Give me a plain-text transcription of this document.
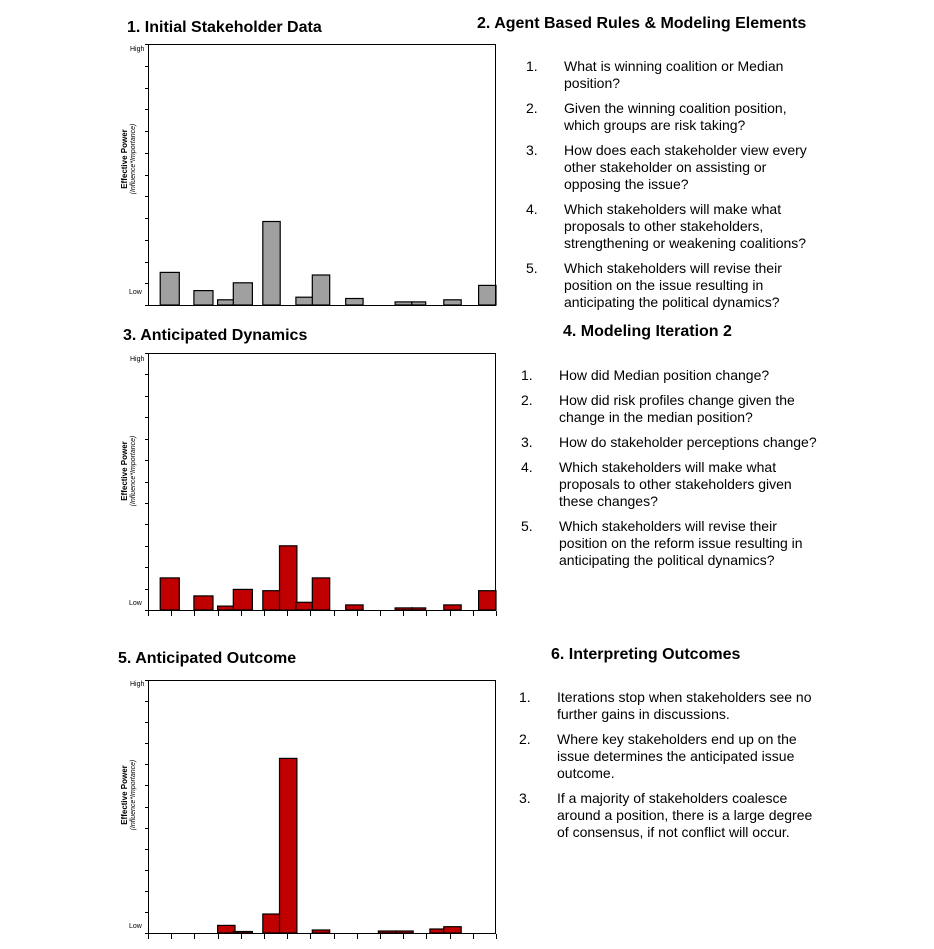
1. Initial Stakeholder Data	2. Agent Based Rules & Modeling Elements
3. Anticipated Dynamics	4. Modeling Iteration 2
5. Anticipated Outcome	6. Interpreting Outcomes
High
Low
Effective Power (Influence*Importance)
High
Low
Effective Power (Influence*Importance)
High
Low
Effective Power (Influence*Importance)
1. What is winning coalition or Median position?
2. Given the winning coalition position, which groups are risk taking?
3. How does each stakeholder view every other stakeholder on assisting or opposing the issue?
4. Which stakeholders will make what proposals to other stakeholders, strengthening or weakening coalitions?
5. Which stakeholders will revise their position on the issue resulting in anticipating the political dynamics?
1. How did Median position change?
2. How did risk profiles change given the change in the median position?
3. How do stakeholder perceptions change?
4. Which stakeholders will make what proposals to other stakeholders given these changes?
5. Which stakeholders will revise their position on the reform issue resulting in anticipating the political dynamics?
1. Iterations stop when stakeholders see no further gains in discussions.
2. Where key stakeholders end up on the issue determines the anticipated issue outcome.
3. If a majority of stakeholders coalesce around a position, there is a large degree of consensus, if not conflict will occur.
